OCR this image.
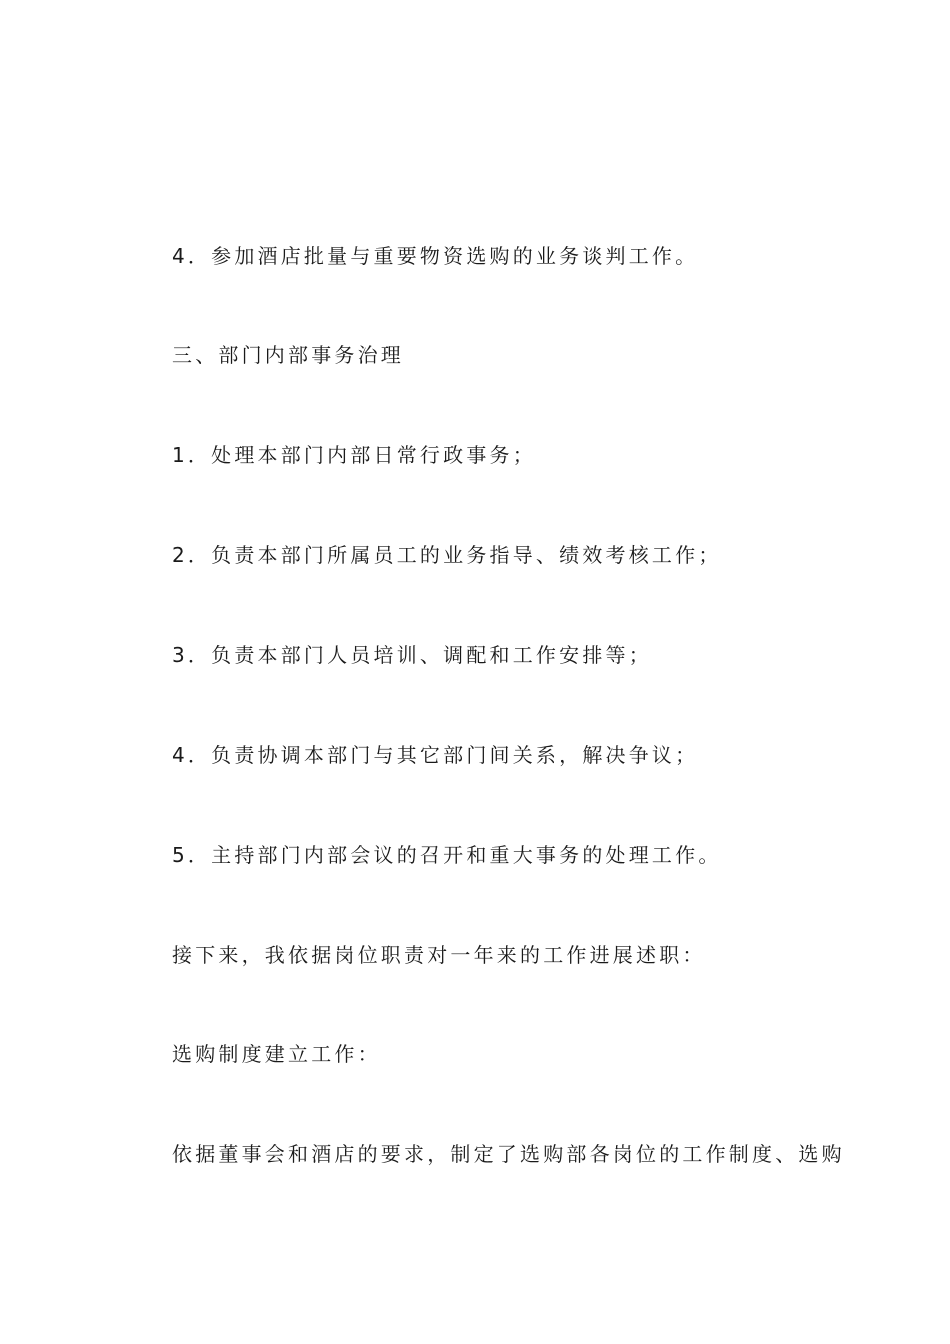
4．参加酒店批量与重要物资选购的业务谈判工作。
三、部门内部事务治理
1．处理本部门内部日常行政事务；
2．负责本部门所属员工的业务指导、绩效考核工作；
3．负责本部门人员培训、调配和工作安排等；
4．负责协调本部门与其它部门间关系，解决争议；
5．主持部门内部会议的召开和重大事务的处理工作。
接下来，我依据岗位职责对一年来的工作进展述职：
选购制度建立工作：
依据董事会和酒店的要求，制定了选购部各岗位的工作制度、选购
